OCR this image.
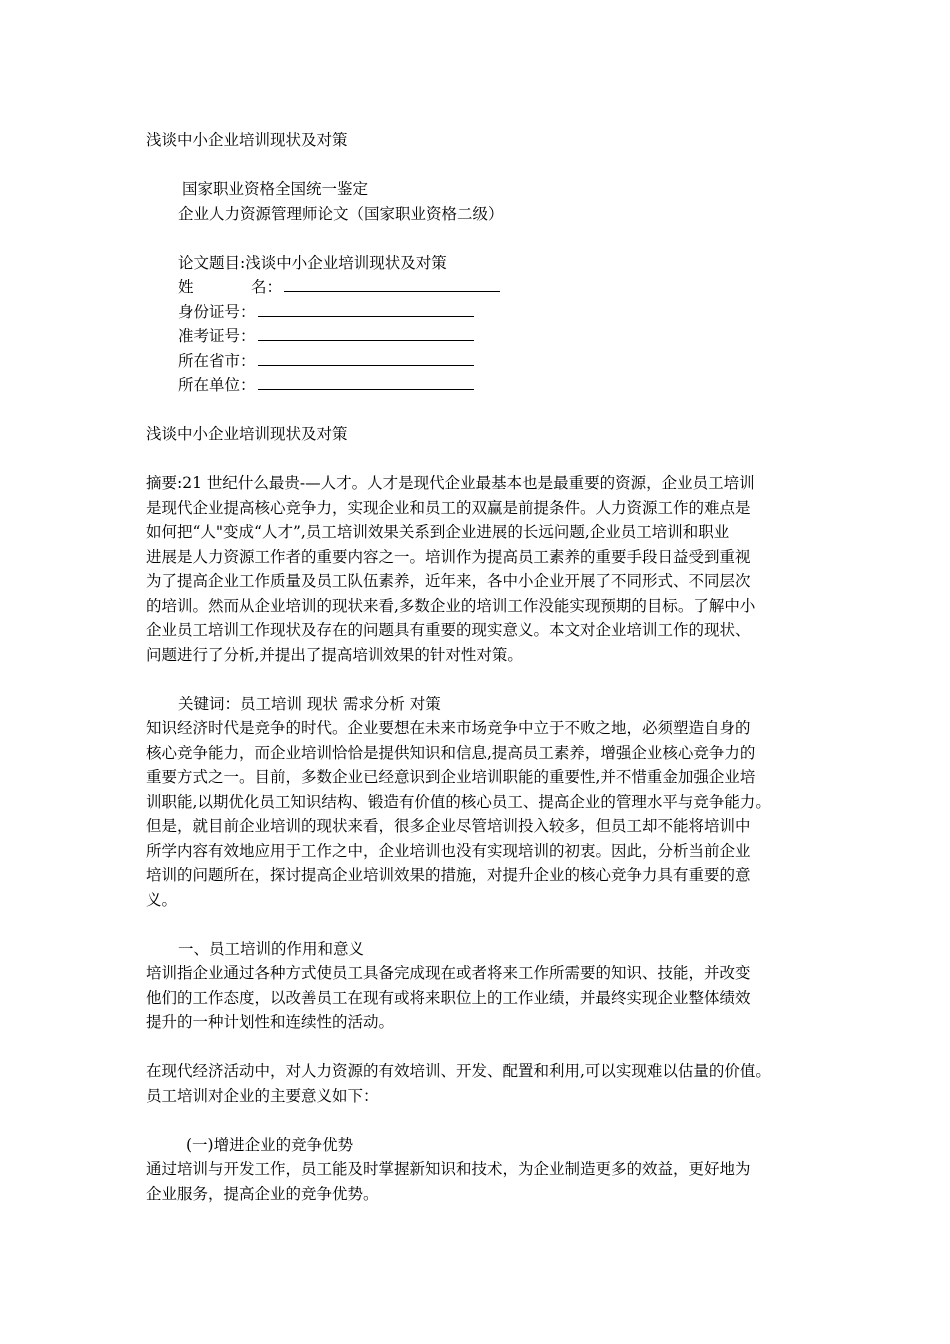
浅谈中小企业培训现状及对策
国家职业资格全国统一鉴定
企业人力资源管理师论文（国家职业资格二级）
论文题目:浅谈中小企业培训现状及对策
姓	名：
身份证号：
准考证号：
所在省市：
所在单位：
浅谈中小企业培训现状及对策
摘要:21 世纪什么最贵-—人才。人才是现代企业最基本也是最重要的资源，企业员工培训
是现代企业提高核心竞争力，实现企业和员工的双赢是前提条件。人力资源工作的难点是
如何把“人"变成“人才”,员工培训效果关系到企业进展的长远问题,企业员工培训和职业
进展是人力资源工作者的重要内容之一。培训作为提高员工素养的重要手段日益受到重视
为了提高企业工作质量及员工队伍素养，近年来，各中小企业开展了不同形式、不同层次
的培训。然而从企业培训的现状来看,多数企业的培训工作没能实现预期的目标。了解中小
企业员工培训工作现状及存在的问题具有重要的现实意义。本文对企业培训工作的现状、
问题进行了分析,并提出了提高培训效果的针对性对策。
关键词：员工培训 现状 需求分析 对策
知识经济时代是竞争的时代。企业要想在未来市场竞争中立于不败之地，必须塑造自身的
核心竞争能力，而企业培训恰恰是提供知识和信息,提高员工素养，增强企业核心竞争力的
重要方式之一。目前，多数企业已经意识到企业培训职能的重要性,并不惜重金加强企业培
训职能,以期优化员工知识结构、锻造有价值的核心员工、提高企业的管理水平与竞争能力。
但是，就目前企业培训的现状来看，很多企业尽管培训投入较多，但员工却不能将培训中
所学内容有效地应用于工作之中，企业培训也没有实现培训的初衷。因此，分析当前企业
培训的问题所在，探讨提高企业培训效果的措施，对提升企业的核心竞争力具有重要的意
义。
一、员工培训的作用和意义
培训指企业通过各种方式使员工具备完成现在或者将来工作所需要的知识、技能，并改变
他们的工作态度，以改善员工在现有或将来职位上的工作业绩，并最终实现企业整体绩效
提升的一种计划性和连续性的活动。
在现代经济活动中，对人力资源的有效培训、开发、配置和利用,可以实现难以估量的价值。
员工培训对企业的主要意义如下：
(一)增进企业的竞争优势
通过培训与开发工作，员工能及时掌握新知识和技术，为企业制造更多的效益，更好地为
企业服务，提高企业的竞争优势。
